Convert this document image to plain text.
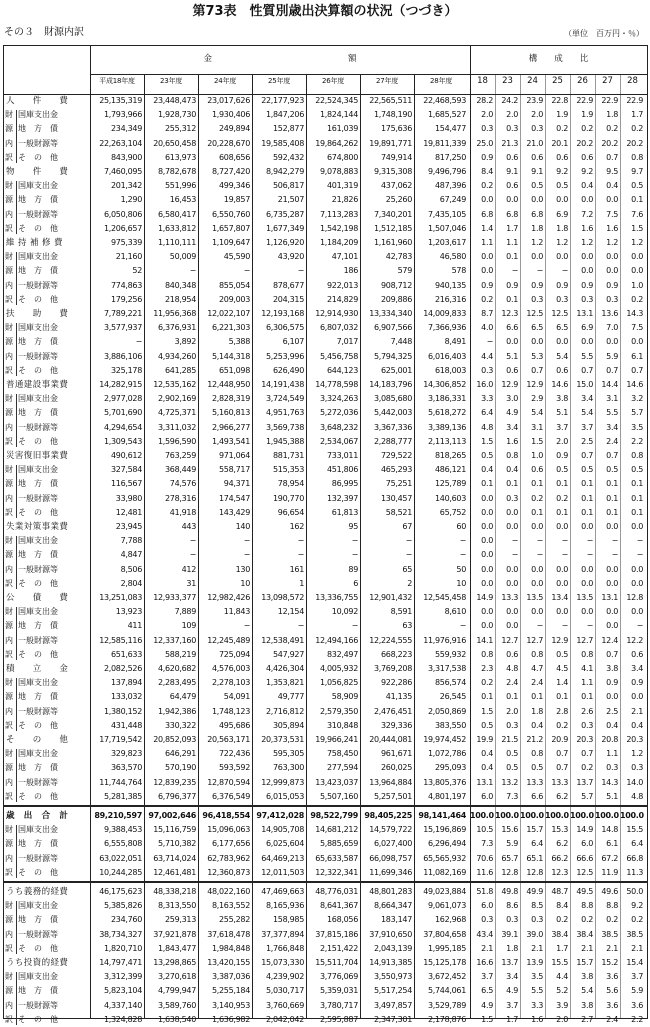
第73表　性質別歳出決算額の状況（つづき）
その３　財源内訳	（単位　百万円・％）
金　　　　　　　　　　　　　　　　額	構　　成　　比
平成18年度	23年度	24年度	25年度	26年度	27年度	28年度	18	23	24	25	26	27	28
人　　件　　費	25,135,319	23,448,473	23,017,626	22,177,923	22,524,345	22,565,511	22,468,593	28.2	24.2	23.9	22.8	22.9	22.9	22.9
財 国庫支出金	1,793,966	1,928,730	1,930,406	1,847,206	1,824,144	1,748,190	1,685,527	2.0	2.0	2.0	1.9	1.9	1.8	1.7
源 地　方　債	234,349	255,312	249,894	152,877	161,039	175,636	154,477	0.3	0.3	0.3	0.2	0.2	0.2	0.2
内 一般財源等	22,263,104	20,650,458	20,228,670	19,585,408	19,864,262	19,891,771	19,811,339	25.0	21.3	21.0	20.1	20.2	20.2	20.2
訳 そ　の　他	843,900	613,973	608,656	592,432	674,800	749,914	817,250	0.9	0.6	0.6	0.6	0.6	0.7	0.8
物　　件　　費	7,460,095	8,782,678	8,727,420	8,942,279	9,078,883	9,315,308	9,496,796	8.4	9.1	9.1	9.2	9.2	9.5	9.7
財 国庫支出金	201,342	551,996	499,346	506,817	401,319	437,062	487,396	0.2	0.6	0.5	0.5	0.4	0.4	0.5
源 地　方　債	1,290	16,453	19,857	21,507	21,826	25,260	67,249	0.0	0.0	0.0	0.0	0.0	0.0	0.1
内 一般財源等	6,050,806	6,580,417	6,550,760	6,735,287	7,113,283	7,340,201	7,435,105	6.8	6.8	6.8	6.9	7.2	7.5	7.6
訳 そ　の　他	1,206,657	1,633,812	1,657,807	1,677,349	1,542,198	1,512,185	1,507,046	1.4	1.7	1.8	1.8	1.6	1.6	1.5
維 持 補 修 費	975,339	1,110,111	1,109,647	1,126,920	1,184,209	1,161,960	1,203,617	1.1	1.1	1.2	1.2	1.2	1.2	1.2
財 国庫支出金	21,160	50,009	45,590	43,920	47,101	42,783	46,580	0.0	0.1	0.0	0.0	0.0	0.0	0.0
源 地　方　債	52	−	−	−	186	579	578	0.0	−	−	−	0.0	0.0	0.0
内 一般財源等	774,863	840,348	855,054	878,677	922,013	908,712	940,135	0.9	0.9	0.9	0.9	0.9	0.9	1.0
訳 そ　の　他	179,256	218,954	209,003	204,315	214,829	209,886	216,316	0.2	0.1	0.3	0.3	0.3	0.3	0.2
扶　　助　　費	7,789,221	11,956,368	12,022,107	12,193,168	12,914,930	13,334,340	14,009,833	8.7	12.3	12.5	12.5	13.1	13.6	14.3
財 国庫支出金	3,577,937	6,376,931	6,221,303	6,306,575	6,807,032	6,907,566	7,366,936	4.0	6.6	6.5	6.5	6.9	7.0	7.5
源 地　方　債	−	3,892	5,388	6,107	7,017	7,448	8,491	−	0.0	0.0	0.0	0.0	0.0	0.0
内 一般財源等	3,886,106	4,934,260	5,144,318	5,253,996	5,456,758	5,794,325	6,016,403	4.4	5.1	5.3	5.4	5.5	5.9	6.1
訳 そ　の　他	325,178	641,285	651,098	626,490	644,123	625,001	618,003	0.3	0.6	0.7	0.6	0.7	0.7	0.7
普通建設事業費	14,282,915	12,535,162	12,448,950	14,191,438	14,778,598	14,183,796	14,306,852	16.0	12.9	12.9	14.6	15.0	14.4	14.6
財 国庫支出金	2,977,028	2,902,169	2,828,319	3,724,549	3,324,263	3,085,680	3,186,331	3.3	3.0	2.9	3.8	3.4	3.1	3.2
源 地　方　債	5,701,690	4,725,371	5,160,813	4,951,763	5,272,036	5,442,003	5,618,272	6.4	4.9	5.4	5.1	5.4	5.5	5.7
内 一般財源等	4,294,654	3,311,032	2,966,277	3,569,738	3,648,232	3,367,336	3,389,136	4.8	3.4	3.1	3.7	3.7	3.4	3.5
訳 そ　の　他	1,309,543	1,596,590	1,493,541	1,945,388	2,534,067	2,288,777	2,113,113	1.5	1.6	1.5	2.0	2.5	2.4	2.2
災害復旧事業費	490,612	763,259	971,064	881,731	733,011	729,522	818,265	0.5	0.8	1.0	0.9	0.7	0.7	0.8
財 国庫支出金	327,584	368,449	558,717	515,353	451,806	465,293	486,121	0.4	0.4	0.6	0.5	0.5	0.5	0.5
源 地　方　債	116,567	74,576	94,371	78,954	86,995	75,251	125,789	0.1	0.1	0.1	0.1	0.1	0.1	0.1
内 一般財源等	33,980	278,316	174,547	190,770	132,397	130,457	140,603	0.0	0.3	0.2	0.2	0.1	0.1	0.1
訳 そ　の　他	12,481	41,918	143,429	96,654	61,813	58,521	65,752	0.0	0.0	0.1	0.1	0.1	0.1	0.1
失業対策事業費	23,945	443	140	162	95	67	60	0.0	0.0	0.0	0.0	0.0	0.0	0.0
財 国庫支出金	7,788	−	−	−	−	−	−	0.0	−	−	−	−	−	−
源 地　方　債	4,847	−	−	−	−	−	−	0.0	−	−	−	−	−	−
内 一般財源等	8,506	412	130	161	89	65	50	0.0	0.0	0.0	0.0	0.0	0.0	0.0
訳 そ　の　他	2,804	31	10	1	6	2	10	0.0	0.0	0.0	0.0	0.0	0.0	0.0
公　　債　　費	13,251,083	12,933,377	12,982,426	13,098,572	13,336,755	12,901,432	12,545,458	14.9	13.3	13.5	13.4	13.5	13.1	12.8
財 国庫支出金	13,923	7,889	11,843	12,154	10,092	8,591	8,610	0.0	0.0	0.0	0.0	0.0	0.0	0.0
源 地　方　債	411	109	−	−	−	63	−	0.0	0.0	−	−	−	0.0	−
内 一般財源等	12,585,116	12,337,160	12,245,489	12,538,491	12,494,166	12,224,555	11,976,916	14.1	12.7	12.7	12.9	12.7	12.4	12.2
訳 そ　の　他	651,633	588,219	725,094	547,927	832,497	668,223	559,932	0.8	0.6	0.8	0.5	0.8	0.7	0.6
積　　立　　金	2,082,526	4,620,682	4,576,003	4,426,304	4,005,932	3,769,208	3,317,538	2.3	4.8	4.7	4.5	4.1	3.8	3.4
財 国庫支出金	137,894	2,283,495	2,278,103	1,353,821	1,056,825	922,286	856,574	0.2	2.4	2.4	1.4	1.1	0.9	0.9
源 地　方　債	133,032	64,479	54,091	49,777	58,909	41,135	26,545	0.1	0.1	0.1	0.1	0.1	0.0	0.0
内 一般財源等	1,380,152	1,942,386	1,748,123	2,716,812	2,579,350	2,476,451	2,050,869	1.5	2.0	1.8	2.8	2.6	2.5	2.1
訳 そ　の　他	431,448	330,322	495,686	305,894	310,848	329,336	383,550	0.5	0.3	0.4	0.2	0.3	0.4	0.4
そ　　の　　他	17,719,542	20,852,093	20,563,171	20,373,531	19,966,241	20,444,081	19,974,452	19.9	21.5	21.2	20.9	20.3	20.8	20.3
財 国庫支出金	329,823	646,291	722,436	595,305	758,450	961,671	1,072,786	0.4	0.5	0.8	0.7	0.7	1.1	1.2
源 地　方　債	363,570	570,190	593,592	763,300	277,594	260,025	295,093	0.4	0.5	0.5	0.7	0.2	0.3	0.3
内 一般財源等	11,744,764	12,839,235	12,870,594	12,999,873	13,423,037	13,964,884	13,805,376	13.1	13.2	13.3	13.3	13.7	14.3	14.0
訳 そ　の　他	5,281,385	6,796,377	6,376,549	6,015,053	5,507,160	5,257,501	4,801,197	6.0	7.3	6.6	6.2	5.7	5.1	4.8
歳　出　合　計	89,210,597 97,002,646 96,418,554 97,412,028 98,522,799 98,405,225 98,141,464 100.0 100.0 100.0 100.0 100.0 100.0 100.0
財 国庫支出金	9,388,453	15,116,759	15,096,063	14,905,708	14,681,212	14,579,722	15,196,869	10.5	15.6	15.7	15.3	14.9	14.8	15.5
源 地　方　債	6,555,808	5,710,382	6,177,656	6,025,604	5,885,659	6,027,400	6,296,494	7.3	5.9	6.4	6.2	6.0	6.1	6.4
内 一般財源等	63,022,051	63,714,024	62,783,962	64,469,213	65,633,587	66,098,757	65,565,932	70.6	65.7	65.1	66.2	66.6	67.2	66.8
訳 そ　の　他	10,244,285	12,461,481	12,360,873	12,011,503	12,322,341	11,699,346	11,082,169	11.6	12.8	12.8	12.3	12.5	11.9	11.3
うち義務的経費	46,175,623	48,338,218	48,022,160	47,469,663	48,776,031	48,801,283	49,023,884	51.8	49.8	49.9	48.7	49.5	49.6	50.0
財 国庫支出金	5,385,826	8,313,550	8,163,552	8,165,936	8,641,367	8,664,347	9,061,073	6.0	8.6	8.5	8.4	8.8	8.8	9.2
源 地　方　債	234,760	259,313	255,282	158,985	168,056	183,147	162,968	0.3	0.3	0.3	0.2	0.2	0.2	0.2
内 一般財源等	38,734,327	37,921,878	37,618,478	37,377,894	37,815,186	37,910,650	37,804,658	43.4	39.1	39.0	38.4	38.4	38.5	38.5
訳 そ　の　他	1,820,710	1,843,477	1,984,848	1,766,848	2,151,422	2,043,139	1,995,185	2.1	1.8	2.1	1.7	2.1	2.1	2.1
うち投資的経費	14,797,471	13,298,865	13,420,155	15,073,330	15,511,704	14,913,385	15,125,178	16.6	13.7	13.9	15.5	15.7	15.2	15.4
財 国庫支出金	3,312,399	3,270,618	3,387,036	4,239,902	3,776,069	3,550,973	3,672,452	3.7	3.4	3.5	4.4	3.8	3.6	3.7
源 地　方　債	5,823,104	4,799,947	5,255,184	5,030,717	5,359,031	5,517,254	5,744,061	6.5	4.9	5.5	5.2	5.4	5.6	5.9
内 一般財源等	4,337,140	3,589,760	3,140,953	3,760,669	3,780,717	3,497,857	3,529,789	4.9	3.7	3.3	3.9	3.8	3.6	3.6
訳 そ　の　他	1,324,828	1,638,540	1,636,982	2,042,042	2,595,887	2,347,301	2,178,876	1.5	1.7	1.6	2.0	2.7	2.4	2.2
